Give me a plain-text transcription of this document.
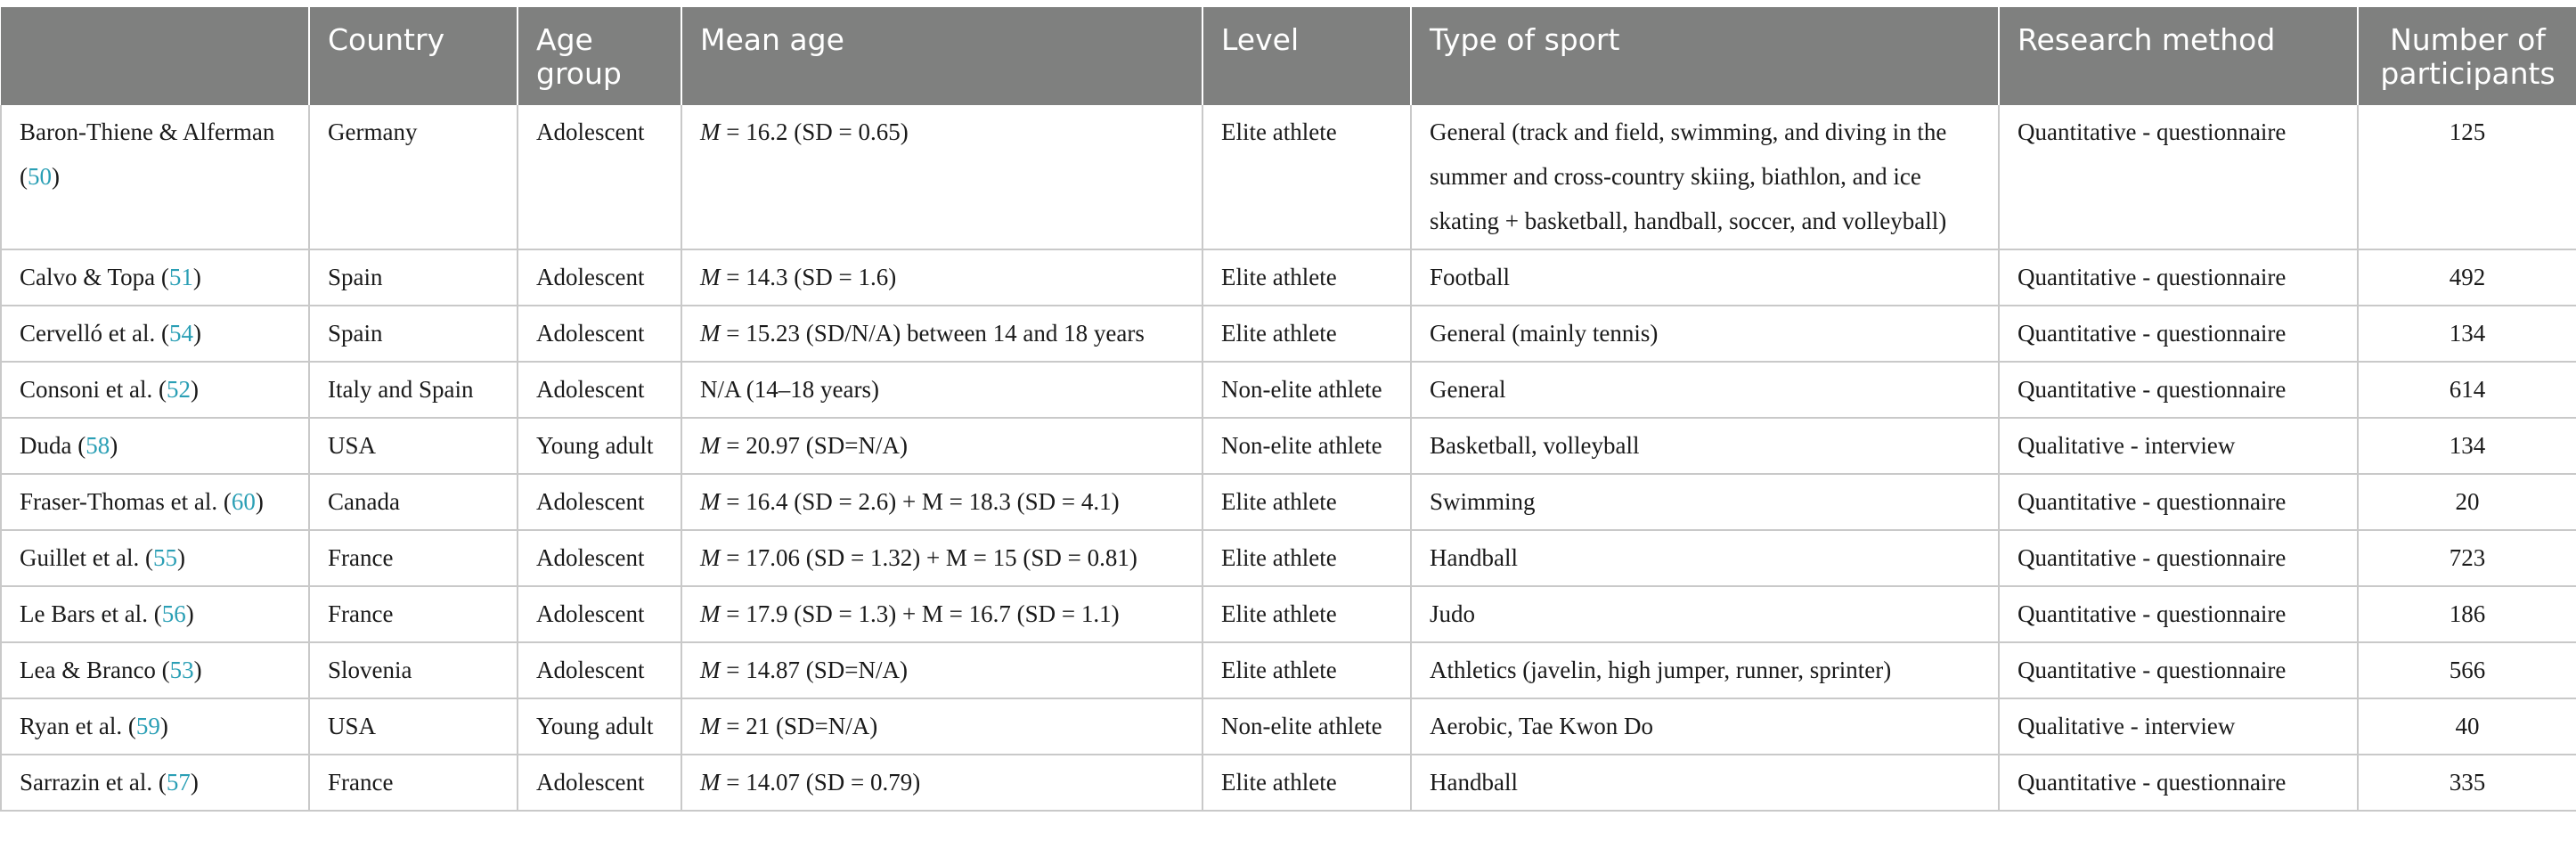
	Country	Age group	Mean age	Level	Type of sport	Research method	Number of participants
Baron-Thiene & Alferman (50)	Germany	Adolescent	M = 16.2 (SD = 0.65)	Elite athlete	General (track and field, swimming, and diving in the summer and cross-country skiing, biathlon, and ice skating + basketball, handball, soccer, and volleyball)	Quantitative - questionnaire	125
Calvo & Topa (51)	Spain	Adolescent	M = 14.3 (SD = 1.6)	Elite athlete	Football	Quantitative - questionnaire	492
Cervelló et al. (54)	Spain	Adolescent	M = 15.23 (SD/N/A) between 14 and 18 years	Elite athlete	General (mainly tennis)	Quantitative - questionnaire	134
Consoni et al. (52)	Italy and Spain	Adolescent	N/A (14–18 years)	Non-elite athlete	General	Quantitative - questionnaire	614
Duda (58)	USA	Young adult	M = 20.97 (SD=N/A)	Non-elite athlete	Basketball, volleyball	Qualitative - interview	134
Fraser-Thomas et al. (60)	Canada	Adolescent	M = 16.4 (SD = 2.6) + M = 18.3 (SD = 4.1)	Elite athlete	Swimming	Quantitative - questionnaire	20
Guillet et al. (55)	France	Adolescent	M = 17.06 (SD = 1.32) + M = 15 (SD = 0.81)	Elite athlete	Handball	Quantitative - questionnaire	723
Le Bars et al. (56)	France	Adolescent	M = 17.9 (SD = 1.3) + M = 16.7 (SD = 1.1)	Elite athlete	Judo	Quantitative - questionnaire	186
Lea & Branco (53)	Slovenia	Adolescent	M = 14.87 (SD=N/A)	Elite athlete	Athletics (javelin, high jumper, runner, sprinter)	Quantitative - questionnaire	566
Ryan et al. (59)	USA	Young adult	M = 21 (SD=N/A)	Non-elite athlete	Aerobic, Tae Kwon Do	Qualitative - interview	40
Sarrazin et al. (57)	France	Adolescent	M = 14.07 (SD = 0.79)	Elite athlete	Handball	Quantitative - questionnaire	335
